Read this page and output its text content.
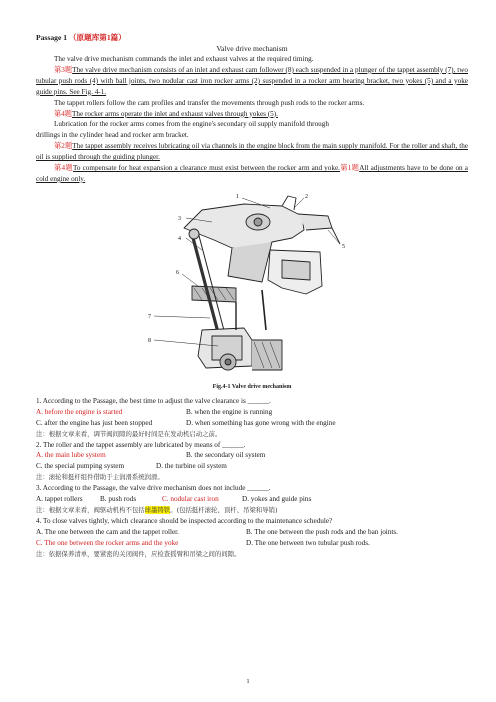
Passage 1 （原题库第1篇）
Valve drive mechanism

The valve drive mechanism commands the inlet and exhaust valves at the required timing.

第3题The valve drive mechanism consists of an inlet and exhaust cam follower (8) each suspended in a plunger of the tappet assembly (7), two tubular push rods (4) with ball joints, two nodular cast iron rocker arms (2) suspended in a rocker arm bearing bracket, two yokes (5) and a yoke guide pins. See Fig. 4-1.

The tappet rollers follow the cam profiles and transfer the movements through push rods to the rocker arms.

第4题The rocker arms operate the inlet and exhaust valves through yokes (5).

Lubrication for the rocker arms comes from the engine's secondary oil supply manifold through

drillings in the cylinder head and rocker arm bracket.

第2题The tappet assembly receives lubricating oil via channels in the engine block from the main supply manifold. For the roller and shaft, the oil is supplied through the guiding plunger.

第4题To compensate for heat expansion a clearance must exist between the rocker arm and yoke.第1题All adjustments have to be done on a cold engine only.

1	2
3
4
5
6
7
8
Fig.4-1 Valve drive mechanism
1. According to the Passage, the best time to adjust the valve clearance is ______.
A. before the engine is started	B. when the engine is running
C. after the engine has just been stopped	D. when something has gone wrong with the engine
注：根据文章来看，调节阀间隙的最好时间是在发动机启动之前。
2. The roller and the tappet assembly are lubricated by means of ______.
A. the main lube system	B. the secondary oil system
C. the special pumping system	D. the turbine oil system
注：滚轮和挺杆组件借助于主润滑系统润滑。
3. According to the Passage, the valve drive mechanism does not include ______.
A. tappet rollers	B. push rods	C. nodular cast iron	D. yokes and guide pins
注：根据文章来看，阀驱动机构不包括球墨铸铁。(包括挺杆滚轮、顶杆、吊梁和导销)
4. To close valves tightly, which clearance should be inspected according to the maintenance schedule?
A. The one between the cam and the tappet roller.	B. The one between the push rods and the ban joints.
C. The one between the rocker arms and the yoke	D. The one between two tubular push rods.
注：依据保养清单，要紧密的关闭阀件，应检查摇臂和吊梁之间的间隙。
1
